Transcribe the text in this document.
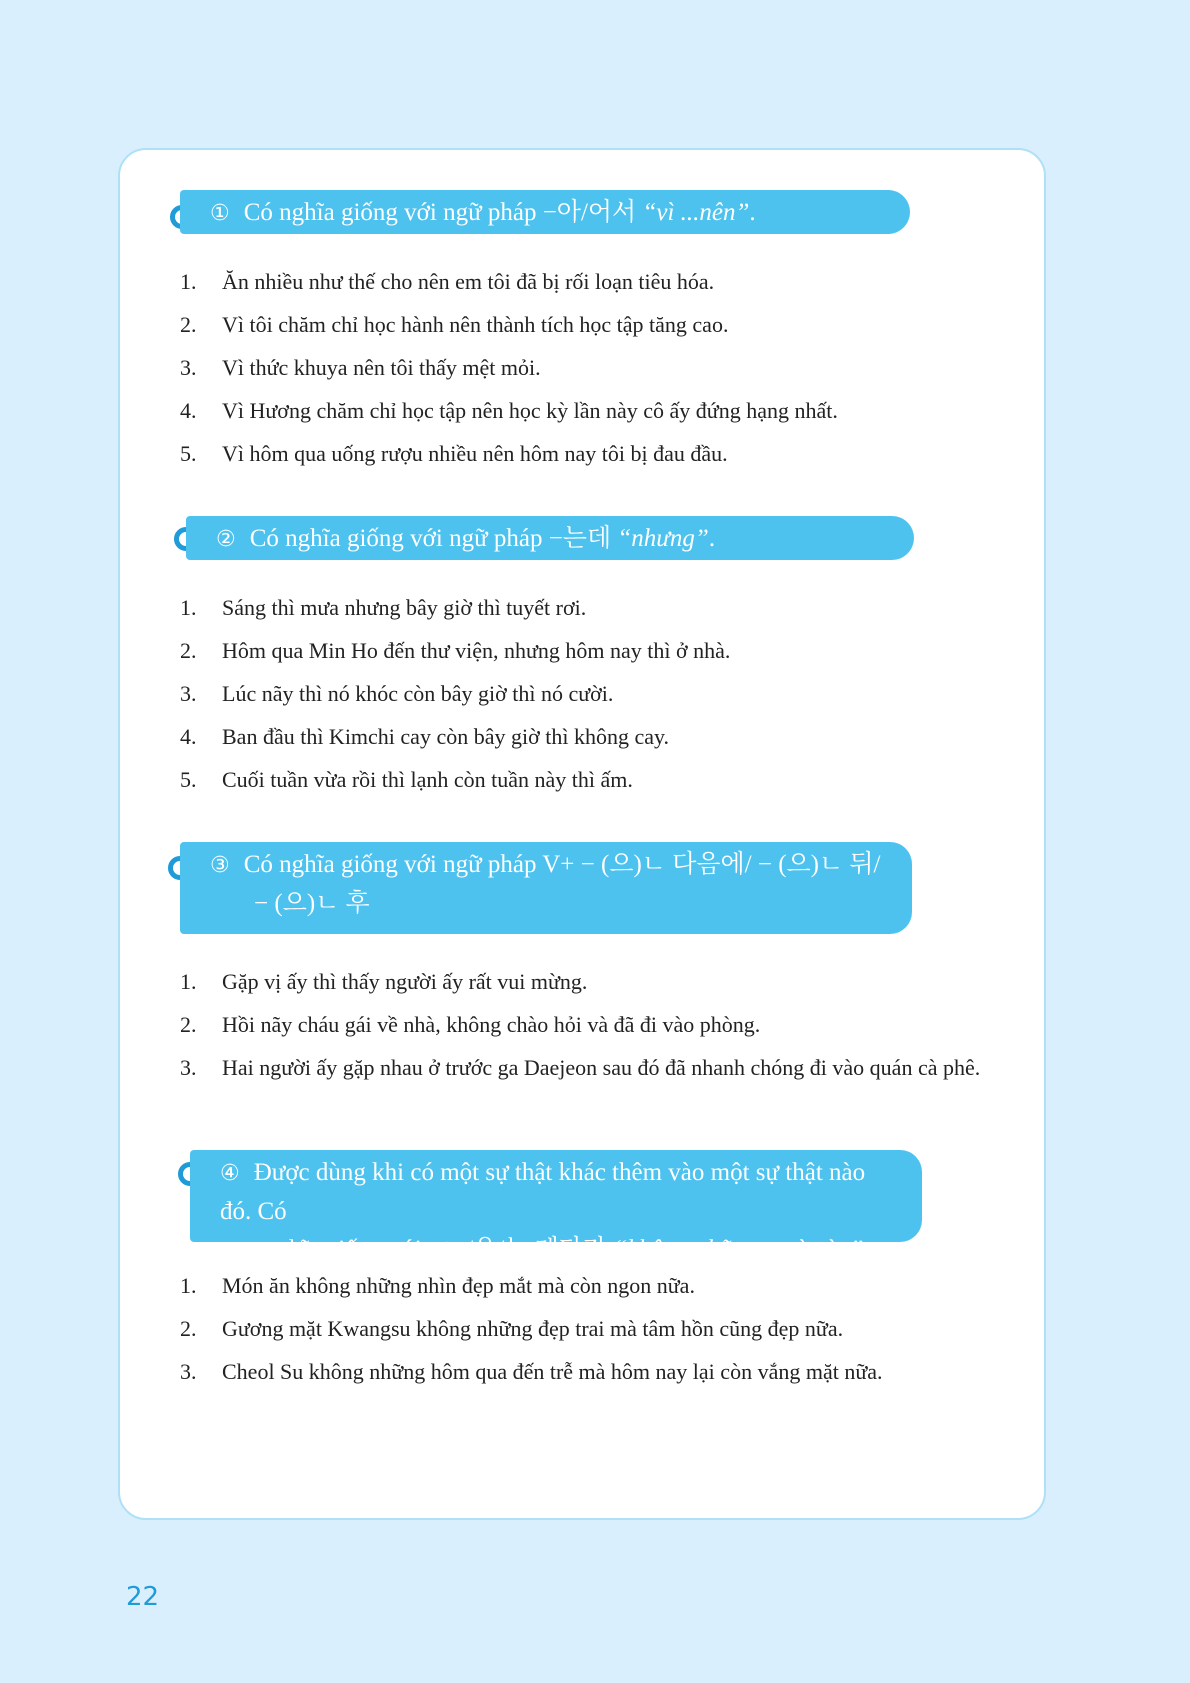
① Có nghĩa giống với ngữ pháp −아/어서 “vì ...nên”.
1. Ăn nhiều như thế cho nên em tôi đã bị rối loạn tiêu hóa.
2. Vì tôi chăm chỉ học hành nên thành tích học tập tăng cao.
3. Vì thức khuya nên tôi thấy mệt mỏi.
4. Vì Hương chăm chỉ học tập nên học kỳ lần này cô ấy đứng hạng nhất.
5. Vì hôm qua uống rượu nhiều nên hôm nay tôi bị đau đầu.
② Có nghĩa giống với ngữ pháp −는데 “nhưng”.
1. Sáng thì mưa nhưng bây giờ thì tuyết rơi.
2. Hôm qua Min Ho đến thư viện, nhưng hôm nay thì ở nhà.
3. Lúc nãy thì nó khóc còn bây giờ thì nó cười.
4. Ban đầu thì Kimchi cay còn bây giờ thì không cay.
5. Cuối tuần vừa rồi thì lạnh còn tuần này thì ấm.
③ Có nghĩa giống với ngữ pháp V+ − (으)ㄴ 다음에/ − (으)ㄴ 뒤/
− (으)ㄴ 후
1. Gặp vị ấy thì thấy người ấy rất vui mừng.
2. Hồi nãy cháu gái về nhà, không chào hỏi và đã đi vào phòng.
3. Hai người ấy gặp nhau ở trước ga Daejeon sau đó đã nhanh chóng đi vào quán cà phê.
④ Được dùng khi có một sự thật khác thêm vào một sự thật nào đó. Có
nghĩa giống với −ㄴ/은/는 데다가 “không những.. mà còn”.
1. Món ăn không những nhìn đẹp mắt mà còn ngon nữa.
2. Gương mặt Kwangsu không những đẹp trai mà tâm hồn cũng đẹp nữa.
3. Cheol Su không những hôm qua đến trễ mà hôm nay lại còn vắng mặt nữa.
22
